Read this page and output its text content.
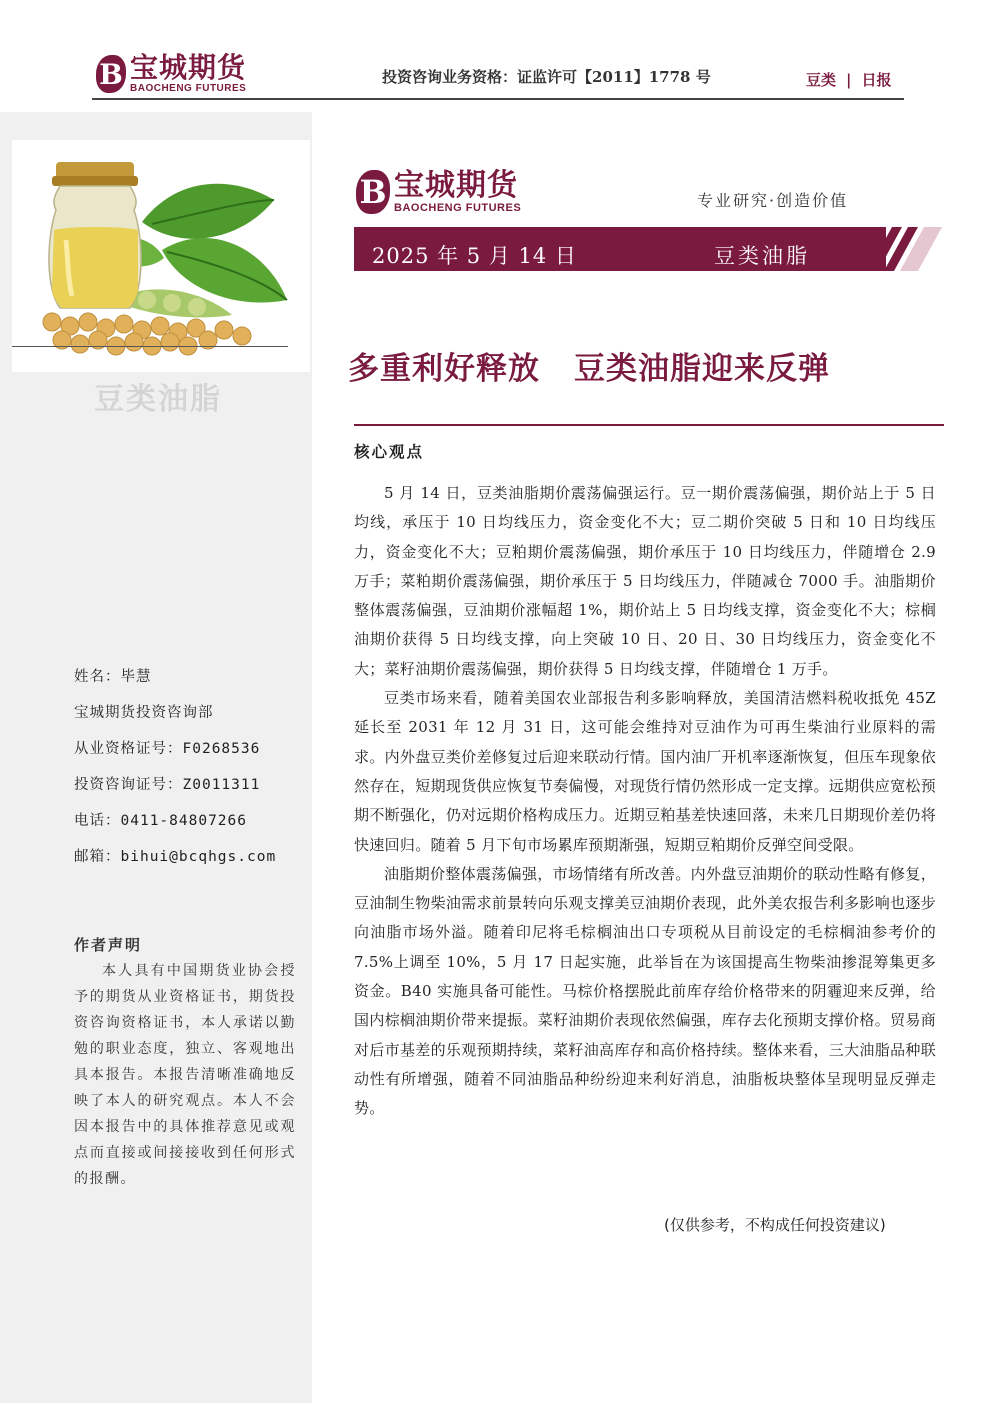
B 宝城期货
BAOCHENG FUTURES
投资咨询业务资格：证监许可【2011】1778 号	豆类 | 日报
豆类油脂
姓名：毕慧
宝城期货投资咨询部
从业资格证号：F0268536
投资咨询证号：Z0011311
电话：0411-84807266
邮箱：bihui@bcqhgs.com
作者声明

本人具有中国期货业协会授予的期货从业资格证书，期货投资咨询资格证书，本人承诺以勤勉的职业态度，独立、客观地出具本报告。本报告清晰准确地反映了本人的研究观点。本人不会因本报告中的具体推荐意见或观点而直接或间接接收到任何形式的报酬。

B 宝城期货
BAOCHENG FUTURES	专业研究·创造价值
2025 年 5 月 14 日	豆类油脂
多重利好释放 豆类油脂迎来反弹
核心观点

5 月 14 日，豆类油脂期价震荡偏强运行。豆一期价震荡偏强，期价站上于 5 日均线，承压于 10 日均线压力，资金变化不大；豆二期价突破 5 日和 10 日均线压力，资金变化不大；豆粕期价震荡偏强，期价承压于 10 日均线压力，伴随增仓 2.9 万手；菜粕期价震荡偏强，期价承压于 5 日均线压力，伴随减仓 7000 手。油脂期价整体震荡偏强，豆油期价涨幅超 1%，期价站上 5 日均线支撑，资金变化不大；棕榈油期价获得 5 日均线支撑，向上突破 10 日、20 日、30 日均线压力，资金变化不大；菜籽油期价震荡偏强，期价获得 5 日均线支撑，伴随增仓 1 万手。

豆类市场来看，随着美国农业部报告利多影响释放，美国清洁燃料税收抵免 45Z 延长至 2031 年 12 月 31 日，这可能会维持对豆油作为可再生柴油行业原料的需求。内外盘豆类价差修复过后迎来联动行情。国内油厂开机率逐渐恢复，但压车现象依然存在，短期现货供应恢复节奏偏慢，对现货行情仍然形成一定支撑。远期供应宽松预期不断强化，仍对远期价格构成压力。近期豆粕基差快速回落，未来几日期现价差仍将快速回归。随着 5 月下旬市场累库预期渐强，短期豆粕期价反弹空间受限。

油脂期价整体震荡偏强，市场情绪有所改善。内外盘豆油期价的联动性略有修复，豆油制生物柴油需求前景转向乐观支撑美豆油期价表现，此外美农报告利多影响也逐步向油脂市场外溢。随着印尼将毛棕榈油出口专项税从目前设定的毛棕榈油参考价的 7.5%上调至 10%，5 月 17 日起实施，此举旨在为该国提高生物柴油掺混筹集更多资金。B40 实施具备可能性。马棕价格摆脱此前库存给价格带来的阴霾迎来反弹，给国内棕榈油期价带来提振。菜籽油期价表现依然偏强，库存去化预期支撑价格。贸易商对后市基差的乐观预期持续，菜籽油高库存和高价格持续。整体来看，三大油脂品种联动性有所增强，随着不同油脂品种纷纷迎来利好消息，油脂板块整体呈现明显反弹走势。

(仅供参考，不构成任何投资建议)
